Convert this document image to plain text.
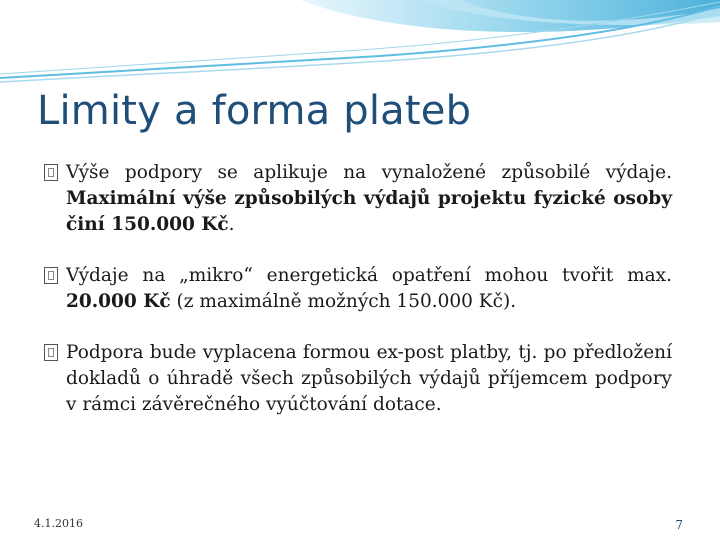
Limity a forma plateb

Výše podpory se aplikuje na vynaložené způsobilé výdaje. Maximální výše způsobilých výdajů projektu fyzické osoby činí 150.000 Kč.

Výdaje na „mikro“ energetická opatření mohou tvořit max. 20.000 Kč (z maximálně možných 150.000 Kč).

Podpora bude vyplacena formou ex-post platby, tj. po předložení dokladů o úhradě všech způsobilých výdajů příjemcem podpory v rámci závěrečného vyúčtování dotace.

4.1.2016	7
